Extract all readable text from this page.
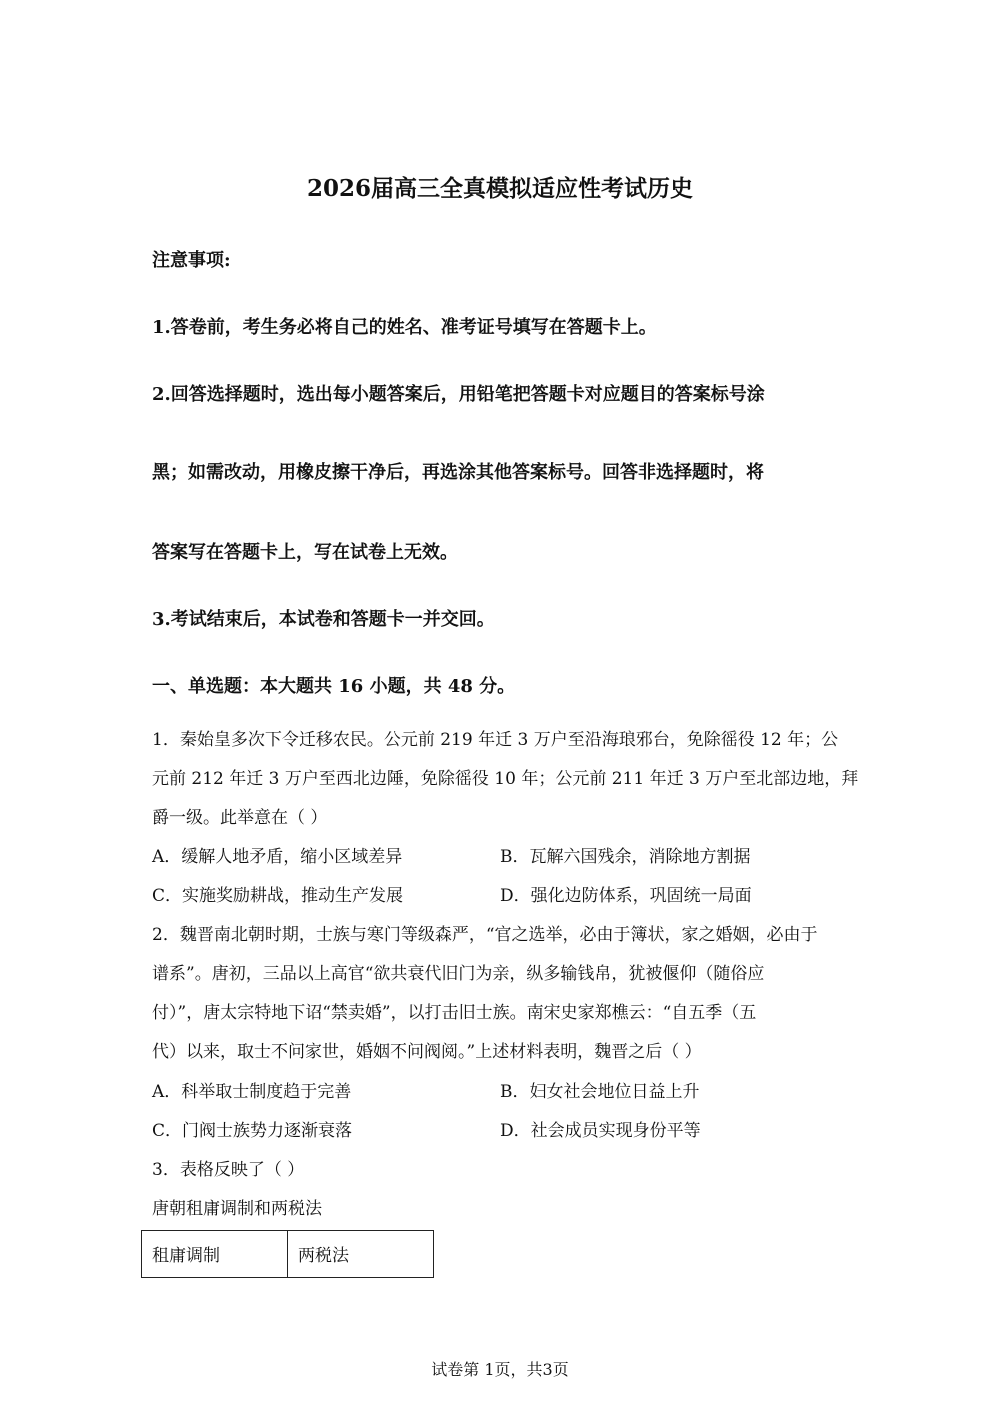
2026届高三全真模拟适应性考试历史
注意事项:
1.答卷前，考生务必将自己的姓名、准考证号填写在答题卡上。
2.回答选择题时，选出每小题答案后，用铅笔把答题卡对应题目的答案标号涂
黑；如需改动，用橡皮擦干净后，再选涂其他答案标号。回答非选择题时，将
答案写在答题卡上，写在试卷上无效。
3.考试结束后，本试卷和答题卡一并交回。
一、单选题：本大题共 16 小题，共 48 分。
1．秦始皇多次下令迁移农民。公元前 219 年迁 3 万户至沿海琅邪台，免除徭役 12 年；公
元前 212 年迁 3 万户至西北边陲，免除徭役 10 年；公元前 211 年迁 3 万户至北部边地，拜
爵一级。此举意在（ ）
A．缓解人地矛盾，缩小区域差异	B．瓦解六国残余，消除地方割据
C．实施奖励耕战，推动生产发展	D．强化边防体系，巩固统一局面
2．魏晋南北朝时期，士族与寒门等级森严，“官之选举，必由于簿状，家之婚姻，必由于
谱系”。唐初，三品以上高官“欲共衰代旧门为亲，纵多输钱帛，犹被偃仰（随俗应
付）”，唐太宗特地下诏“禁卖婚”，以打击旧士族。南宋史家郑樵云：“自五季（五
代）以来，取士不问家世，婚姻不问阀阅。”上述材料表明，魏晋之后（ ）
A．科举取士制度趋于完善	B．妇女社会地位日益上升
C．门阀士族势力逐渐衰落	D．社会成员实现身份平等
3．表格反映了（ ）
唐朝租庸调制和两税法
租庸调制	两税法
试卷第 1页，共3页
